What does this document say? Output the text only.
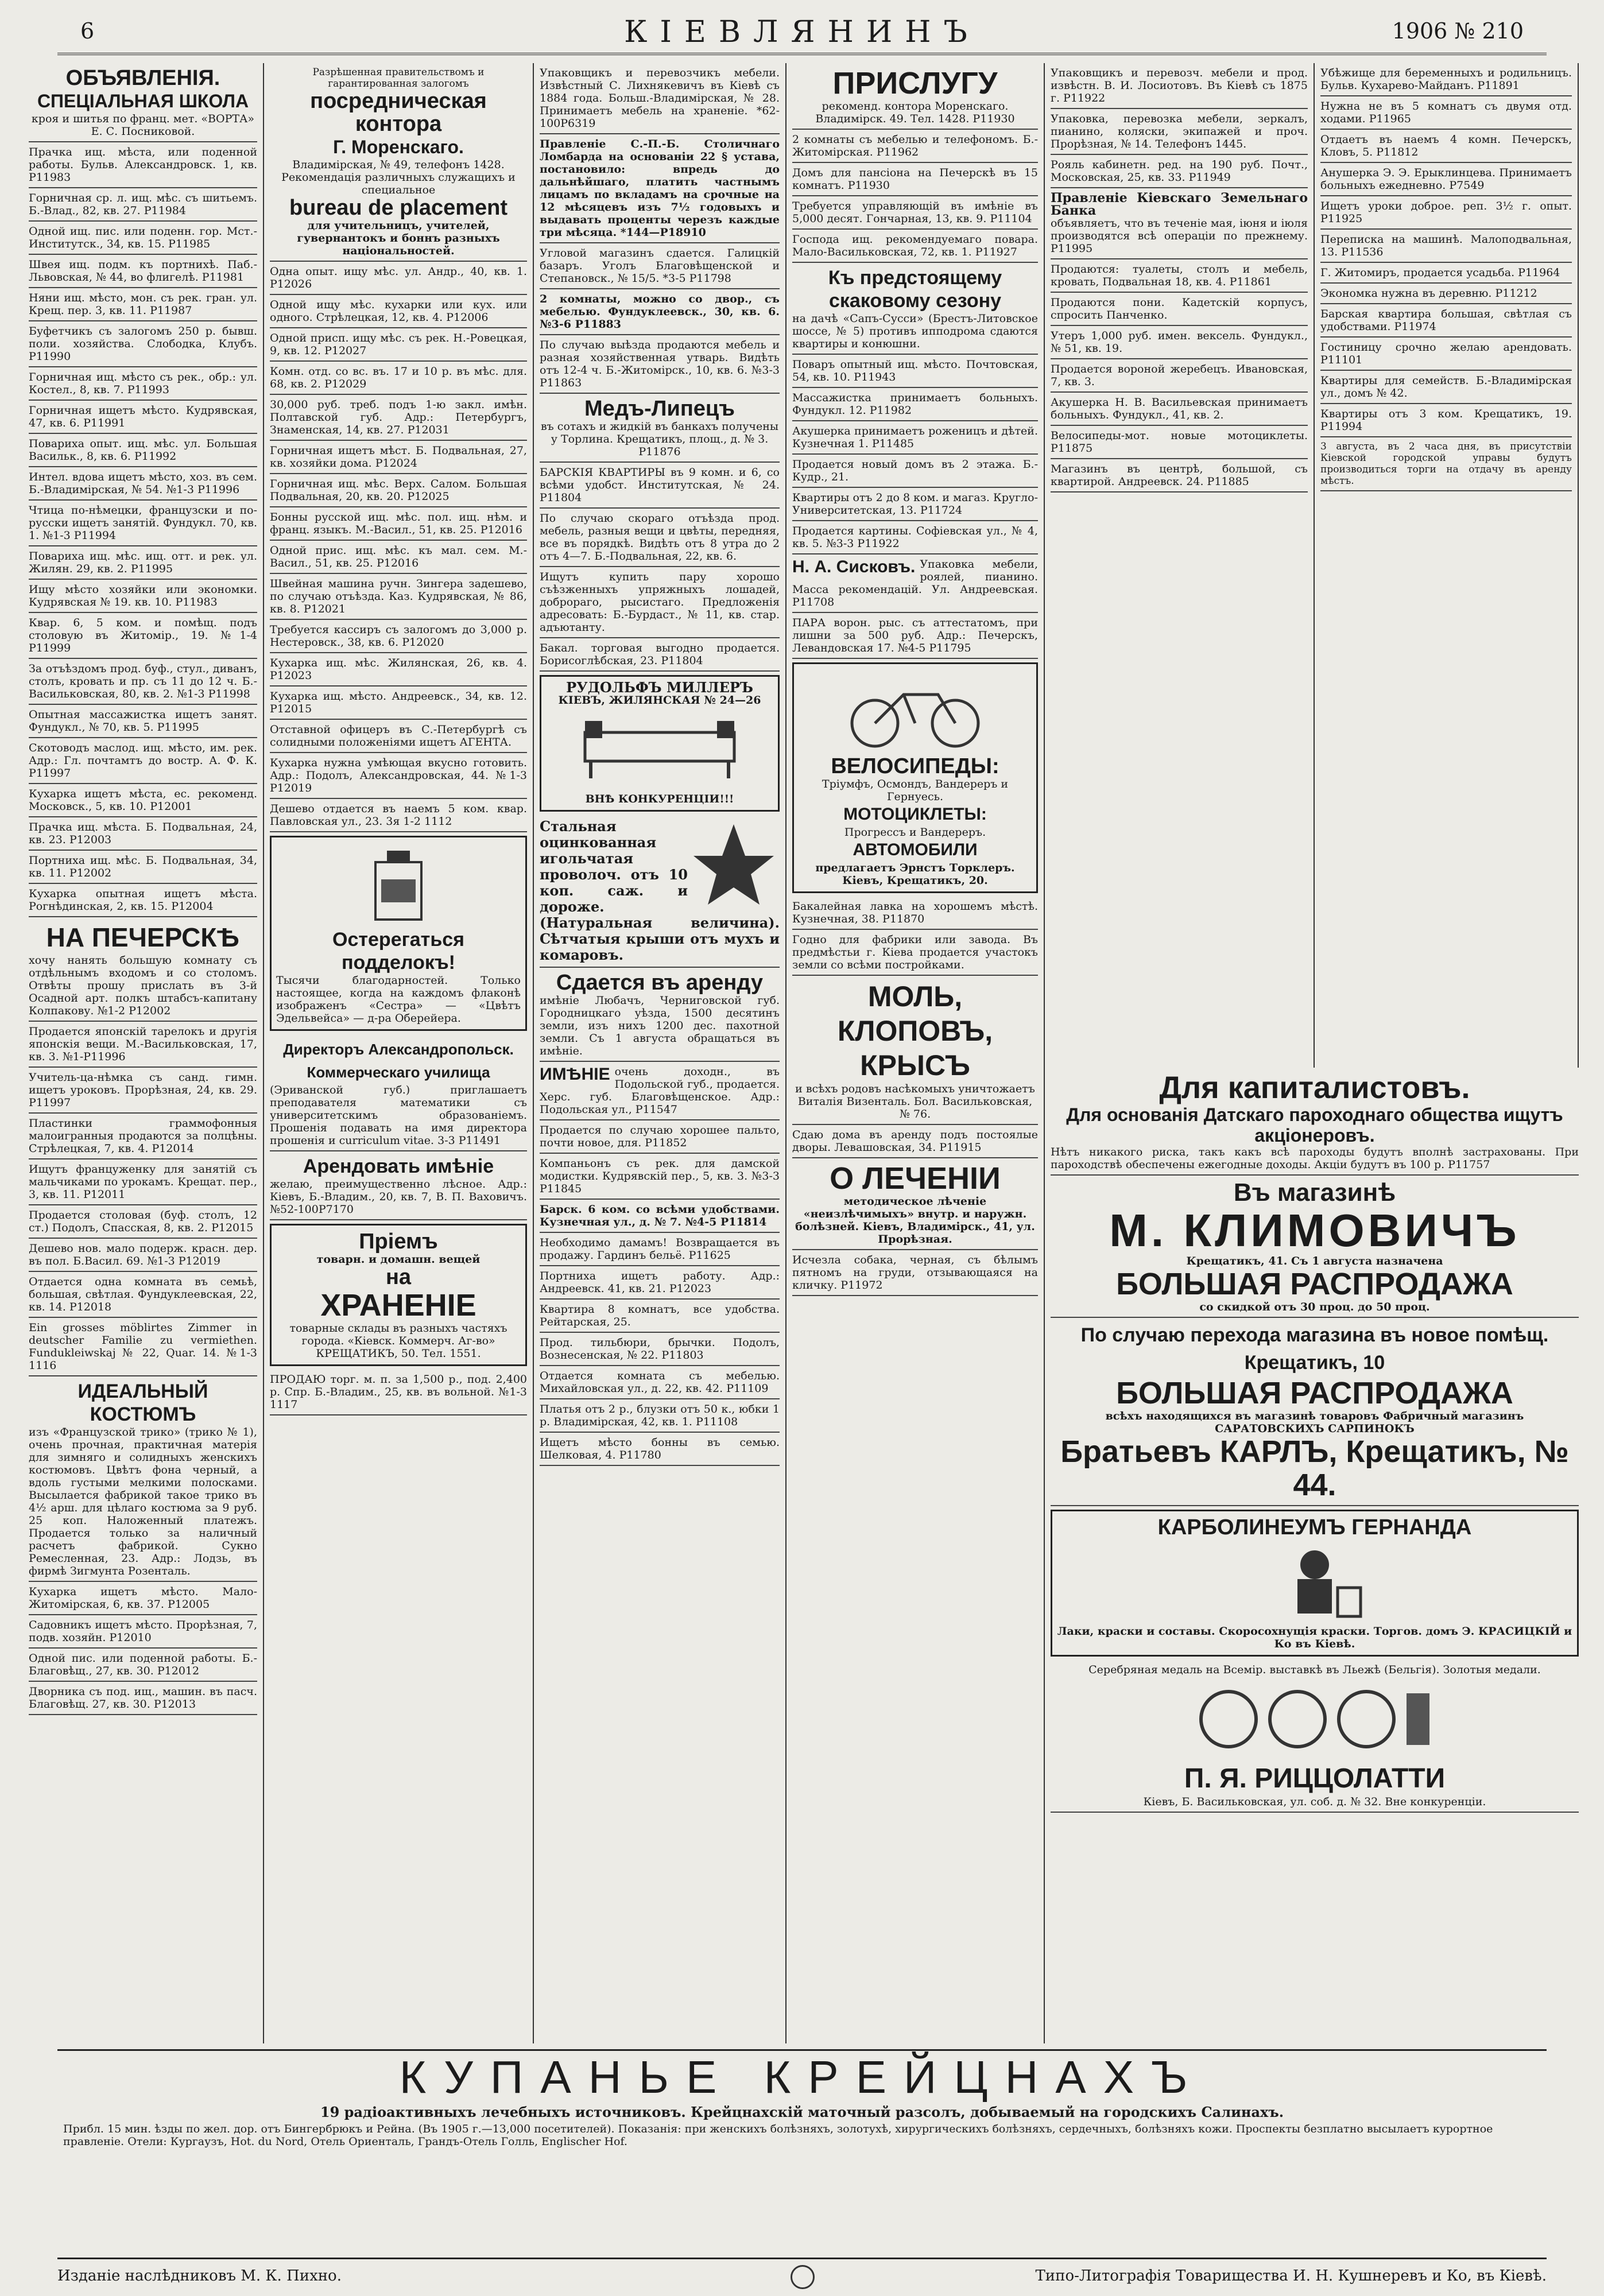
6	КІЕВЛЯНИНЪ	1906 № 210
ОБЪЯВЛЕНІЯ.
СПЕЦІАЛЬНАЯ ШКОЛА
кроя и шитья по франц. мет. «ВОРТА» Е. С. Посниковой.
Прачка ищ. мѣста, или поденной работы. Бульв. Александровск. 1, кв. Р11983
Горничная ср. л. ищ. мѣс. съ шитьемъ. Б.-Влад., 82, кв. 27. Р11984
Одной ищ. пис. или поденн. гор. Мст.-Институтск., 34, кв. 15. Р11985
Швея ищ. подм. къ портнихѣ. Паб.-Львовская, № 44, во флигелѣ. Р11981
Няни ищ. мѣсто, мон. съ рек. гран. ул. Крещ. пер. 3, кв. 11. Р11987
Буфетчикъ съ залогомъ 250 р. бывш. поли. хозяйства. Слободка, Клубъ. Р11990
Горничная ищ. мѣсто съ рек., обр.: ул. Костел., 8, кв. 7. Р11993
Горничная ищетъ мѣсто. Кудрявская, 47, кв. 6. Р11991
Повариха опыт. ищ. мѣс. ул. Большая Васильк., 8, кв. 6. Р11992
Интел. вдова ищетъ мѣсто, хоз. въ сем. Б.-Владимірская, № 54. №1-3 Р11996
Чтица по-нѣмецки, французски и по-русски ищетъ занятій. Фундукл. 70, кв. 1. №1-3 Р11994
Повариха ищ. мѣс. ищ. отт. и рек. ул. Жилян. 29, кв. 2. Р11995
Ищу мѣсто хозяйки или экономки. Кудрявская № 19. кв. 10. Р11983
Квар. 6, 5 ком. и помѣщ. подъ столовую въ Житомір., 19. №1-4 Р11999
За отъѣздомъ прод. буф., стул., диванъ, столъ, кровать и пр. съ 11 до 12 ч. Б.-Васильковская, 80, кв. 2. №1-3 Р11998
Опытная массажистка ищетъ занят. Фундукл., № 70, кв. 5. Р11995
Скотоводъ маслод. ищ. мѣсто, им. рек. Адр.: Гл. почтамтъ до востр. А. Ф. К. Р11997
Кухарка ищетъ мѣста, ес. рекоменд. Московск., 5, кв. 10. Р12001
Прачка ищ. мѣста. Б. Подвальная, 24, кв. 23. Р12003
Портниха ищ. мѣс. Б. Подвальная, 34, кв. 11. Р12002
Кухарка опытная ищетъ мѣста. Рогнѣдинская, 2, кв. 15. Р12004
НА ПЕЧЕРСКѢ
хочу нанять большую комнату съ отдѣльнымъ входомъ и со столомъ. Отвѣты прошу прислать въ 3-й Осадной арт. полкъ штабсъ-капитану Колпакову. №1-2 Р12002
Продается японскій тарелокъ и другія японскія вещи. М.-Васильковская, 17, кв. 3. №1-Р11996
Учитель-ца-нѣмка съ санд. гимн. ищетъ уроковъ. Прорѣзная, 24, кв. 29. Р11997
Пластинки граммофонныя малоигранныя продаются за полцѣны. Стрѣлецкая, 7, кв. 4. Р12014
Ищутъ француженку для занятій съ мальчиками по урокамъ. Крещат. пер., 3, кв. 11. Р12011
Продается столовая (буф. столъ, 12 ст.) Подолъ, Спасская, 8, кв. 2. Р12015
Дешево нов. мало подерж. красн. дер. въ пол. Б.Васил. 69. №1-3 Р12019
Отдается одна комната въ семьѣ, большая, свѣтлая. Фундуклеевская, 22, кв. 14. Р12018
Ein grosses möblirtes Zimmer in deutscher Familie zu vermiethen. Fundukleiwskaj № 22, Quar. 14. №1-3 1116
ИДЕАЛЬНЫЙ КОСТЮМЪ
изъ «Французской трико» (трико № 1), очень прочная, практичная матерія для зимняго и солидныхъ женскихъ костюмовъ. Цвѣтъ фона черный, а вдоль густыми мелкими полосками. Высылается фабрикой такое трико въ 4½ арш. для цѣлаго костюма за 9 руб. 25 коп. Наложенный платежъ. Продается только за наличный расчетъ фабрикой. Сукно Ремесленная, 23. Адр.: Лодзь, въ фирмѣ Зигмунта Розенталь.
Кухарка ищетъ мѣсто. Мало-Житомірская, 6, кв. 37. Р12005
Садовникъ ищетъ мѣсто. Прорѣзная, 7, подв. хозяйн. Р12010
Одной пис. или поденной работы. Б.-Благовѣщ., 27, кв. 30. Р12012
Дворника съ под. ищ., машин. въ пасч. Благовѣщ. 27, кв. 30. Р12013
Разрѣшенная правительствомъ и гарантированная залогомъ
посредническая контора
Г. Моренскаго.
Владимірская, № 49, телефонъ 1428. Рекомендація различныхъ служащихъ и специальное
bureau de placement
для учительницъ, учителей, гувернантокъ и боннъ разныхъ національностей.
Одна опыт. ищу мѣс. ул. Андр., 40, кв. 1. Р12026
Одной ищу мѣс. кухарки или кух. или одного. Стрѣлецкая, 12, кв. 4. Р12006
Одной присп. ищу мѣс. съ рек. Н.-Ровецкая, 9, кв. 12. Р12027
Комн. отд. со вс. въ. 17 и 10 р. въ мѣс. для. 68, кв. 2. Р12029
30,000 руб. треб. подъ 1-ю закл. имѣн. Полтавской губ. Адр.: Петербургъ, Знаменская, 14, кв. 27. Р12031
Горничная ищетъ мѣст. Б. Подвальная, 27, кв. хозяйки дома. Р12024
Горничная ищ. мѣс. Верх. Салом. Большая Подвальная, 20, кв. 20. Р12025
Бонны русской ищ. мѣс. пол. ищ. нѣм. и франц. языкъ. М.-Васил., 51, кв. 25. Р12016
Одной прис. ищ. мѣс. къ мал. сем. М.-Васил., 51, кв. 25. Р12016
Швейная машина ручн. Зингера задешево, по случаю отъѣзда. Каз. Кудрявская, № 86, кв. 8. Р12021
Требуется кассиръ съ залогомъ до 3,000 р. Нестеровск., 38, кв. 6. Р12020
Кухарка ищ. мѣс. Жилянская, 26, кв. 4. Р12023
Кухарка ищ. мѣсто. Андреевск., 34, кв. 12. Р12015
Отставной офицеръ въ С.-Петербургѣ съ солидными положеніями ищетъ АГЕНТА.
Кухарка нужна умѣющая вкусно готовить. Адр.: Подолъ, Александровская, 44. №1-3 Р12019
Дешево отдается въ наемъ 5 ком. квар. Павловская ул., 23. 3я 1-2 1112
Остерегаться подделокъ!
Тысячи благодарностей. Только настоящее, когда на каждомъ флаконѣ изображенъ «Сестра» — «Цвѣтъ Эдельвейса» — д-ра Оберейера.
Директоръ Александропольск. Коммерческаго училища
(Эриванской губ.) приглашаетъ преподавателя математики съ университетскимъ образованіемъ. Прошенія подавать на имя директора прошенія и curriculum vitae. 3-3 Р11491
Арендовать имѣніе
желаю, преимущественно лѣсное. Адр.: Кіевъ, Б.-Владим., 20, кв. 7, В. П. Ваховичъ. №52-100Р7170
Пріемъ
товарн. и домашн. вещей
на
ХРАНЕНІЕ
товарные склады въ разныхъ частяхъ города. «Кіевск. Коммерч. Аг-во» КРЕЩАТИКЪ, 50. Тел. 1551.
ПРОДАЮ торг. м. п. за 1,500 р., под. 2,400 р. Спр. Б.-Владим., 25, кв. въ вольной. №1-3 1117
Упаковщикъ и перевозчикъ мебели. Извѣстный С. Лихнякевичъ въ Кіевѣ съ 1884 года. Больш.-Владимірская, № 28. Принимаетъ мебель на храненіе. *62-100Р6319
Правленіе С.-П.-Б. Столичнаго Ломбарда на основаніи 22 § устава, постановило: впредь до дальнѣйшаго, платить частнымъ лицамъ по вкладамъ на срочные на 12 мѣсяцевъ изъ 7½ годовыхъ и выдавать проценты черезъ каждые три мѣсяца. *144—Р18910
Угловой магазинъ сдается. Галицкій базаръ. Уголъ Благовѣщенской и Степановск., № 15/5. *3-5 Р11798
2 комнаты, можно со двор., съ мебелью. Фундуклеевск., 30, кв. 6. №3-6 Р11883
По случаю выѣзда продаются мебель и разная хозяйственная утварь. Видѣть отъ 12-4 ч. Б.-Житомірск., 10, кв. 6. №3-3 Р11863
Медъ-Липецъ
въ сотахъ и жидкій въ банкахъ получены у Торлина. Крещатикъ, площ., д. № 3. Р11876
БАРСКІЯ КВАРТИРЫ въ 9 комн. и 6, со всѣми удобст. Институтская, № 24. Р11804
По случаю скораго отъѣзда прод. мебель, разныя вещи и цвѣты, передняя, все въ порядкѣ. Видѣть отъ 8 утра до 2 отъ 4—7. Б.-Подвальная, 22, кв. 6.
Ищутъ купить пару хорошо съѣзженныхъ упряжныхъ лошадей, доброраго, рысистаго. Предложенія адресовать: Б.-Бурдаст., № 11, кв. стар. адъютанту.
Бакал. торговая выгодно продается. Борисоглѣбская, 23. Р11804
РУДОЛЬФЪ МИЛЛЕРЪ
КІЕВЪ, ЖИЛЯНСКАЯ № 24—26
ВНѢ КОНКУРЕНЦІИ!!!
Стальная оцинкованная игольчатая проволоч. отъ 10 коп. саж. и дороже. (Натуральная величина). Сѣтчатыя крыши отъ мухъ и комаровъ.
Сдается въ аренду
имѣніе Любачъ, Черниговской губ. Городницкаго уѣзда, 1500 десятинъ земли, изъ нихъ 1200 дес. пахотной земли. Съ 1 августа обращаться въ имѣніе.
ИМѢНІЕ очень доходн., въ Подольской губ., продается. Херс. губ. Благовѣщенское. Адр.: Подольская ул., Р11547
Продается по случаю хорошее пальто, почти новое, для. Р11852
Компаньонъ съ рек. для дамской модистки. Кудрявскій пер., 5, кв. 3. №3-3 Р11845
Барск. 6 ком. со всѣми удобствами. Кузнечная ул., д. № 7. №4-5 Р11814
Необходимо дамамъ! Возвращается въ продажу. Гардинъ бельё. Р11625
Портниха ищетъ работу. Адр.: Андреевск. 41, кв. 21. Р12023
Квартира 8 комнатъ, все удобства. Рейтарская, 25.
Прод. тильбюри, брычки. Подолъ, Вознесенская, № 22. Р11803
Отдается комната съ мебелью. Михайловская ул., д. 22, кв. 42. Р11109
Платья отъ 2 р., блузки отъ 50 к., юбки 1 р. Владимірская, 42, кв. 1. Р11108
Ищетъ мѣсто бонны въ семью. Шелковая, 4. Р11780
ПРИСЛУГУ
рекоменд. контора Моренскаго. Владимірск. 49. Тел. 1428. Р11930
2 комнаты съ мебелью и телефономъ. Б.-Житомірская. Р11962
Домъ для пансіона на Печерскѣ въ 15 комнатъ. Р11930
Требуется управляющій въ имѣніе въ 5,000 десят. Гончарная, 13, кв. 9. Р11104
Господа ищ. рекомендуемаго повара. Мало-Васильковская, 72, кв. 1. Р11927
Къ предстоящему скаковому сезону
на дачѣ «Сапъ-Сусси» (Брестъ-Литовское шоссе, № 5) противъ ипподрома сдаются квартиры и конюшни.
Поваръ опытный ищ. мѣсто. Почтовская, 54, кв. 10. Р11943
Массажистка принимаетъ больныхъ. Фундукл. 12. Р11982
Акушерка принимаетъ роженицъ и дѣтей. Кузнечная 1. Р11485
Продается новый домъ въ 2 этажа. Б.-Кудр., 21.
Квартиры отъ 2 до 8 ком. и магаз. Кругло-Университетская, 13. Р11724
Продается картины. Софіевская ул., № 4, кв. 5. №3-3 Р11922
Н. А. Сисковъ. Упаковка мебели, роялей, пианино. Масса рекомендацій. Ул. Андреевская. Р11708
ПАРА ворон. рыс. съ аттестатомъ, при лишни за 500 руб. Адр.: Печерскъ, Левандовская 17. №4-5 Р11795
ВЕЛОСИПЕДЫ:
Тріумфъ, Осмондъ, Вандереръ и Гернуесь.
МОТОЦИКЛЕТЫ:
Прогрессъ и Вандереръ.
АВТОМОБИЛИ
предлагаетъ Эрнстъ Торклеръ. Кіевъ, Крещатикъ, 20.
Бакалейная лавка на хорошемъ мѣстѣ. Кузнечная, 38. Р11870
Годно для фабрики или завода. Въ предмѣстьи г. Кіева продается участокъ земли со всѣми постройками.
МОЛЬ, КЛОПОВЪ, КРЫСЪ
и всѣхъ родовъ насѣкомыхъ уничтожаетъ Виталія Визенталь. Бол. Васильковская, № 76.
Сдаю дома въ аренду подъ постоялые дворы. Левашовская, 34. Р11915
О ЛЕЧЕНІИ
методическое лѣченіе «неизлѣчимыхъ» внутр. и наружн. болѣзней. Кіевъ, Владимірск., 41, ул. Прорѣзная.
Исчезла собака, черная, съ бѣлымъ пятномъ на груди, отзывающаяся на кличку. Р11972
Упаковщикъ и перевозч. мебели и прод. извѣстн. В. И. Лосиотовъ. Въ Кіевѣ съ 1875 г. Р11922
Упаковка, перевозка мебели, зеркалъ, пианино, коляски, экипажей и проч. Прорѣзная, № 14. Телефонъ 1445.
Рояль кабинетн. ред. на 190 руб. Почт., Московская, 25, кв. 33. Р11949
Правленіе Кіевскаго Земельнаго Банка
объявляетъ, что въ теченіе мая, іюня и іюля производятся всѣ операціи по прежнему. Р11995
Продаются: туалеты, столъ и мебель, кровать, Подвальная 18, кв. 4. Р11861
Продаются пони. Кадетскій корпусъ, спросить Панченко.
Утеръ 1,000 руб. имен. вексель. Фундукл., № 51, кв. 19.
Продается вороной жеребецъ. Ивановская, 7, кв. 3.
Акушерка Н. В. Васильевская принимаетъ больныхъ. Фундукл., 41, кв. 2.
Велосипеды-мот. новые мотоциклеты. Р11875
Магазинъ въ центрѣ, большой, съ квартирой. Андреевск. 24. Р11885
Убѣжище для беременныхъ и родильницъ. Бульв. Кухарево-Майданъ. Р11891
Нужна не въ 5 комнатъ съ двумя отд. ходами. Р11965
Отдаетъ въ наемъ 4 комн. Печерскъ, Кловъ, 5. Р11812
Анушерка Э. Э. Ерыклинцева. Принимаетъ больныхъ ежедневно. Р7549
Ищетъ уроки доброе. реп. 3½ г. опыт. Р11925
Переписка на машинѣ. Малоподвальная, 13. Р11536
Г. Житомиръ, продается усадьба. Р11964
Экономка нужна въ деревню. Р11212
Барская квартира большая, свѣтлая съ удобствами. Р11974
Гостиницу срочно желаю арендовать. Р11101
Квартиры для семейств. Б.-Владимірская ул., домъ № 42.
Квартиры отъ 3 ком. Крещатикъ, 19. Р11994
3 августа, въ 2 часа дня, въ присутствіи Кіевской городской управы будутъ производиться торги на отдачу въ аренду мѣстъ.
Для капиталистовъ.
Для основанія Датскаго пароходнаго общества ищутъ акціонеровъ.
Нѣтъ никакого риска, такъ какъ всѣ пароходы будутъ вполнѣ застрахованы. При пароходствѣ обеспечены ежегодные доходы. Акціи будутъ въ 100 р. Р11757
Въ магазинѣ
М. КЛИМОВИЧЪ
Крещатикъ, 41. Съ 1 августа назначена
БОЛЬШАЯ РАСПРОДАЖА
со скидкой отъ 30 проц. до 50 проц.
По случаю перехода магазина въ новое помѣщ. Крещатикъ, 10
БОЛЬШАЯ РАСПРОДАЖА
всѣхъ находящихся въ магазинѣ товаровъ Фабричный магазинъ САРАТОВСКИХЪ САРПИНОКЪ
Братьевъ КАРЛЪ, Крещатикъ, № 44.
КАРБОЛИНЕУМЪ ГЕРНАНДА
Лаки, краски и составы. Скоросохнущія краски. Торгов. домъ Э. КРАСИЦКІЙ и Ко въ Кіевѣ.
Серебряная медаль на Всемір. выставкѣ въ Льежѣ (Бельгія). Золотыя медали.
П. Я. РИЦЦОЛАТТИ
Кіевъ, Б. Васильковская, ул. соб. д. № 32. Вне конкуренціи.
КУПАНЬЕ КРЕЙЦНАХЪ
19 радіоактивныхъ лечебныхъ источниковъ. Крейцнахскій маточный разсолъ, добываемый на городскихъ Салинахъ.
Прибл. 15 мин. ѣзды по жел. дор. отъ Бингербрюкъ и Рейна. (Въ 1905 г.—13,000 посетителей). Показанія: при женскихъ болѣзняхъ, золотухѣ, хирургическихъ болѣзняхъ, сердечныхъ, болѣзняхъ кожи. Проспекты безплатно высылаетъ курортное правленіе. Отели: Кургаузъ, Hot. du Nord, Отель Ориенталь, Грандъ-Отель Голль, Englischer Hof.
Изданіе наслѣдниковъ М. К. Пихно.	Типо-Литографія Товарищества И. Н. Кушнеревъ и Ко, въ Кіевѣ.
